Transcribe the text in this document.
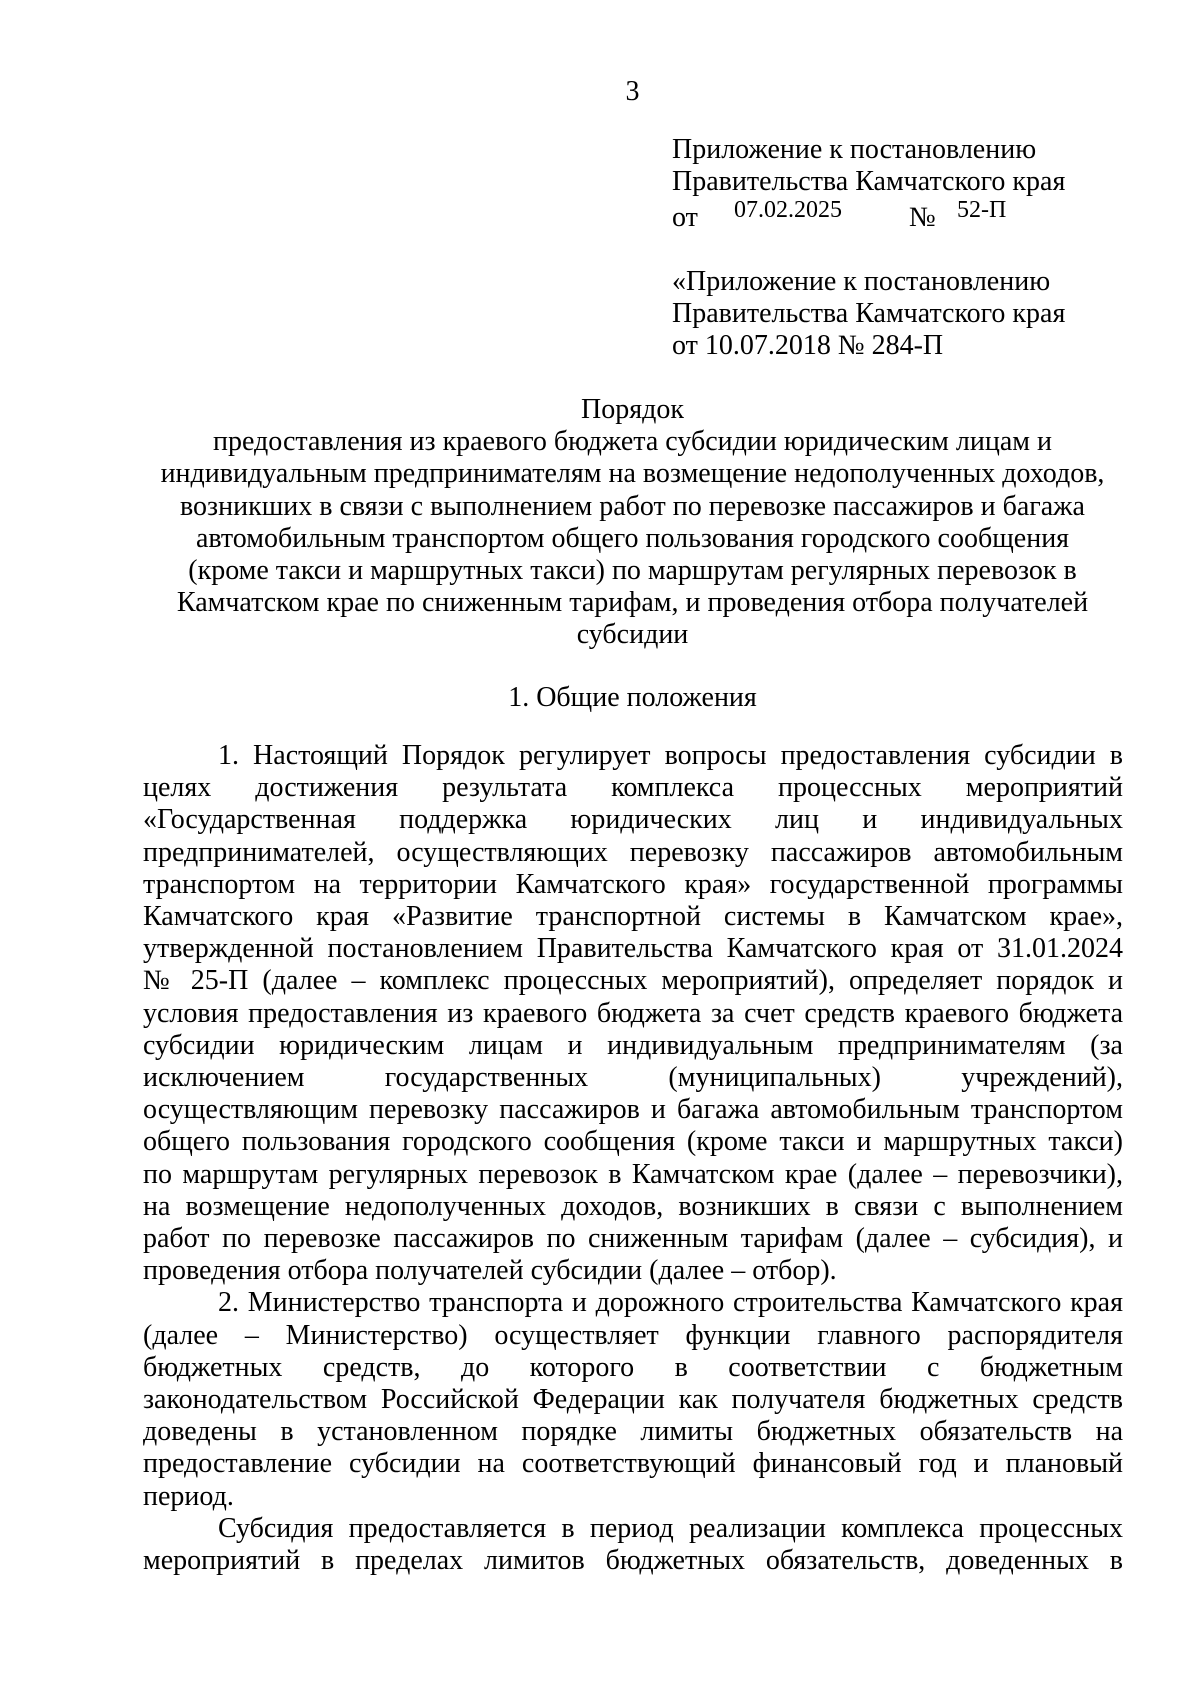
3
Приложение к постановлению
Правительства Камчатского края
от 07.02.2025 № 52-П
«Приложение к постановлению
Правительства Камчатского края
от 10.07.2018 № 284-П
Порядок
предоставления из краевого бюджета субсидии юридическим лицам и
индивидуальным предпринимателям на возмещение недополученных доходов,
возникших в связи с выполнением работ по перевозке пассажиров и багажа
автомобильным транспортом общего пользования городского сообщения
(кроме такси и маршрутных такси) по маршрутам регулярных перевозок в
Камчатском крае по сниженным тарифам, и проведения отбора получателей
субсидии
1. Общие положения
1. Настоящий Порядок регулирует вопросы предоставления субсидии в
целях достижения результата комплекса процессных мероприятий
«Государственная поддержка юридических лиц и индивидуальных
предпринимателей, осуществляющих перевозку пассажиров автомобильным
транспортом на территории Камчатского края» государственной программы
Камчатского края «Развитие транспортной системы в Камчатском крае»,
утвержденной постановлением Правительства Камчатского края от 31.01.2024
№ 25-П (далее – комплекс процессных мероприятий), определяет порядок и
условия предоставления из краевого бюджета за счет средств краевого бюджета
субсидии юридическим лицам и индивидуальным предпринимателям (за
исключением государственных (муниципальных) учреждений),
осуществляющим перевозку пассажиров и багажа автомобильным транспортом
общего пользования городского сообщения (кроме такси и маршрутных такси)
по маршрутам регулярных перевозок в Камчатском крае (далее – перевозчики),
на возмещение недополученных доходов, возникших в связи с выполнением
работ по перевозке пассажиров по сниженным тарифам (далее – субсидия), и
проведения отбора получателей субсидии (далее – отбор).
2. Министерство транспорта и дорожного строительства Камчатского края
(далее – Министерство) осуществляет функции главного распорядителя
бюджетных средств, до которого в соответствии с бюджетным
законодательством Российской Федерации как получателя бюджетных средств
доведены в установленном порядке лимиты бюджетных обязательств на
предоставление субсидии на соответствующий финансовый год и плановый
период.
Субсидия предоставляется в период реализации комплекса процессных
мероприятий в пределах лимитов бюджетных обязательств, доведенных в
